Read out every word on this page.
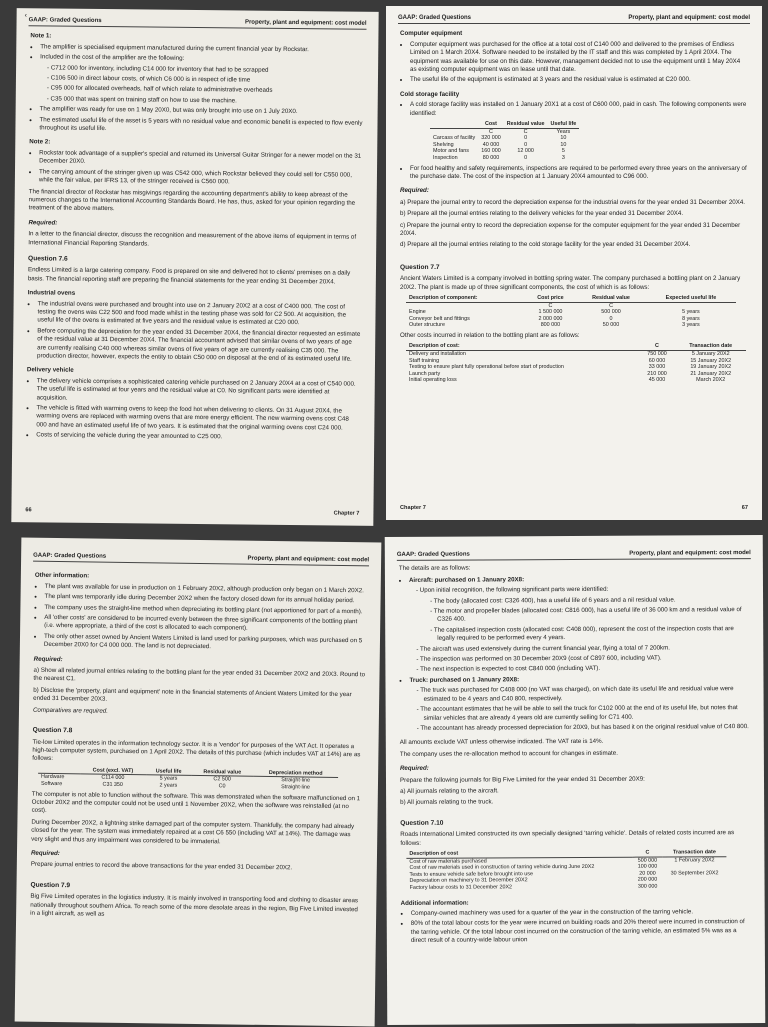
‹
GAAP: Graded Questions	Property, plant and equipment: cost model
Note 1:
• The amplifier is specialised equipment manufactured during the current financial year by Rockstar.
• Included in the cost of the amplifier are the following:
- C712 000 for inventory, including C14 000 for inventory that had to be scrapped
- C106 500 in direct labour costs, of which C6 000 is in respect of idle time
- C95 000 for allocated overheads, half of which relate to administrative overheads
- C35 000 that was spent on training staff on how to use the machine.
• The amplifier was ready for use on 1 May 20X0, but was only brought into use on 1 July 20X0.
• The estimated useful life of the asset is 5 years with no residual value and economic benefit is expected to flow evenly throughout its useful life.
Note 2:
• Rockstar took advantage of a supplier's special and returned its Universal Guitar Stringer for a newer model on the 31 December 20X0.
• The carrying amount of the stringer given up was C542 000, which Rockstar believed they could sell for C550 000, while the fair value, per IFRS 13, of the stringer received is C560 000.

The financial director of Rockstar has misgivings regarding the accounting department's ability to keep abreast of the numerous changes to the International Accounting Standards Board. He has, thus, asked for your opinion regarding the treatment of the above matters.

Required:

In a letter to the financial director, discuss the recognition and measurement of the above items of equipment in terms of International Financial Reporting Standards.

Question 7.6

Endless Limited is a large catering company. Food is prepared on site and delivered hot to clients' premises on a daily basis. The financial reporting staff are preparing the financial statements for the year ending 31 December 20X4.

Industrial ovens
• The industrial ovens were purchased and brought into use on 2 January 20X2 at a cost of C400 000. The cost of testing the ovens was C22 500 and food made whilst in the testing phase was sold for C2 500. At acquisition, the useful life of the ovens is estimated at five years and the residual value is estimated at C20 000.
• Before computing the depreciation for the year ended 31 December 20X4, the financial director requested an estimate of the residual value at 31 December 20X4. The financial accountant advised that similar ovens of two years of age are currently realising C40 000 whereas similar ovens of five years of age are currently realising C35 000. The production director, however, expects the entity to obtain C50 000 on disposal at the end of its estimated useful life.
Delivery vehicle
• The delivery vehicle comprises a sophisticated catering vehicle purchased on 2 January 20X4 at a cost of C540 000. The useful life is estimated at four years and the residual value at C0. No significant parts were identified at acquisition.
• The vehicle is fitted with warming ovens to keep the food hot when delivering to clients. On 31 August 20X4, the warming ovens are replaced with warming ovens that are more energy efficient. The new warming ovens cost C48 000 and have an estimated useful life of two years. It is estimated that the original warming ovens cost C24 000.
• Costs of servicing the vehicle during the year amounted to C25 000.
66
Chapter 7
GAAP: Graded Questions	Property, plant and equipment: cost model
Computer equipment
• Computer equipment was purchased for the office at a total cost of C140 000 and delivered to the premises of Endless Limited on 1 March 20X4. Software needed to be installed by the IT staff and this was completed by 1 April 20X4. The equipment was available for use on this date. However, management decided not to use the equipment until 1 May 20X4 as existing computer equipment was on lease until that date.
• The useful life of the equipment is estimated at 3 years and the residual value is estimated at C20 000.
Cold storage facility
• A cold storage facility was installed on 1 January 20X1 at a cost of C600 000, paid in cash. The following components were identified:
	Cost	Residual value	Useful life
	C	C	Years
Carcass of facility	320 000	0	10
Shelving	40 000	0	10
Motor and fans	160 000	12 000	5
Inspection	80 000	0	3
• For food healthy and safety requirements, inspections are required to be performed every three years on the anniversary of the purchase date. The cost of the inspection at 1 January 20X4 amounted to C96 000.
Required:

a) Prepare the journal entry to record the depreciation expense for the industrial ovens for the year ended 31 December 20X4.

b) Prepare all the journal entries relating to the delivery vehicles for the year ended 31 December 20X4.

c) Prepare the journal entry to record the depreciation expense for the computer equipment for the year ended 31 December 20X4.

d) Prepare all the journal entries relating to the cold storage facility for the year ended 31 December 20X4.

Question 7.7

Ancient Waters Limited is a company involved in bottling spring water. The company purchased a bottling plant on 2 January 20X2. The plant is made up of three significant components, the cost of which is as follows:

Description of component:	Cost price	Residual value	Expected useful life
	C	C	
Engine	1 500 000	500 000	5 years
Conveyor belt and fittings	2 000 000	0	8 years
Outer structure	800 000	50 000	3 years

Other costs incurred in relation to the bottling plant are as follows:

Description of cost:	C	Transaction date
Delivery and installation	750 000	5 January 20X2
Staff training	60 000	15 January 20X2
Testing to ensure plant fully operational before start of production	33 000	19 January 20X2
Launch party	210 000	21 January 20X2
Initial operating loss	45 000	March 20X2
Chapter 7	67
GAAP: Graded Questions	Property, plant and equipment: cost model
Other information:
• The plant was available for use in production on 1 February 20X2, although production only began on 1 March 20X2.
• The plant was temporarily idle during December 20X2 when the factory closed down for its annual holiday period.
• The company uses the straight-line method when depreciating its bottling plant (not apportioned for part of a month).
• All 'other costs' are considered to be incurred evenly between the three significant components of the bottling plant (i.e. where appropriate, a third of the cost is allocated to each component).
• The only other asset owned by Ancient Waters Limited is land used for parking purposes, which was purchased on 5 December 20X0 for C4 000 000. The land is not depreciated.
Required:

a) Show all related journal entries relating to the bottling plant for the year ended 31 December 20X2 and 20X3. Round to the nearest C1.

b) Disclose the 'property, plant and equipment' note in the financial statements of Ancient Waters Limited for the year ended 31 December 20X3.

Comparatives are required.

Question 7.8

Tie-low Limited operates in the information technology sector. It is a 'vendor' for purposes of the VAT Act. It operates a high-tech computer system, purchased on 1 April 20X2. The details of this purchase (which includes VAT at 14%) are as follows:

	Cost (excl. VAT)	Useful life	Residual value	Depreciation method
Hardware	C114 000	5 years	C2 500	Straight-line
Software	C31 350	2 years	C0	Straight-line

The computer is not able to function without the software. This was demonstrated when the software malfunctioned on 1 October 20X2 and the computer could not be used until 1 November 20X2, when the software was reinstalled (at no cost).

During December 20X2, a lightning strike damaged part of the computer system. Thankfully, the company had already closed for the year. The system was immediately repaired at a cost C6 550 (including VAT at 14%). The damage was very slight and thus any impairment was considered to be immaterial.

Required:

Prepare journal entries to record the above transactions for the year ended 31 December 20X2.

Question 7.9

Big Five Limited operates in the logistics industry. It is mainly involved in transporting food and clothing to disaster areas nationally throughout southern Africa. To reach some of the more desolate areas in the region, Big Five Limited invested in a light aircraft, as well as

GAAP: Graded Questions	Property, plant and equipment: cost model

The details are as follows:

• Aircraft: purchased on 1 January 20X8:
- Upon initial recognition, the following significant parts were identified:
- The body (allocated cost: C326 400), has a useful life of 6 years and a nil residual value.
- The motor and propeller blades (allocated cost: C816 000), has a useful life of 36 000 km and a residual value of C326 400.
- The capitalised inspection costs (allocated cost: C408 000), represent the cost of the inspection costs that are legally required to be performed every 4 years.
- The aircraft was used extensively during the current financial year, flying a total of 7 200km.
- The inspection was performed on 30 December 20X9 (cost of C897 600, including VAT).
- The next inspection is expected to cost C840 000 (including VAT).
• Truck: purchased on 1 January 20X8:
- The truck was purchased for C408 000 (no VAT was charged), on which date its useful life and residual value were estimated to be 4 years and C40 800, respectively.
- The accountant estimates that he will be able to sell the truck for C102 000 at the end of its useful life, but notes that similar vehicles that are already 4 years old are currently selling for C71 400.
- The accountant has already processed depreciation for 20X9, but has based it on the original residual value of C40 800.

All amounts exclude VAT unless otherwise indicated. The VAT rate is 14%.

The company uses the re-allocation method to account for changes in estimate.

Required:

Prepare the following journals for Big Five Limited for the year ended 31 December 20X9:

a) All journals relating to the aircraft.

b) All journals relating to the truck.

Question 7.10

Roads International Limited constructed its own specially designed 'tarring vehicle'. Details of related costs incurred are as follows:

Description of cost	C	Transaction date
Cost of raw materials purchased	500 000	1 February 20X2
Cost of raw materials used in construction of tarring vehicle during June 20X2	100 000	
Tests to ensure vehicle safe before brought into use	20 000	30 September 20X2
Depreciation on machinery to 31 December 20X2	200 000	
Factory labour costs to 31 December 20X2	300 000	
Additional information:
• Company-owned machinery was used for a quarter of the year in the construction of the tarring vehicle.
• 80% of the total labour costs for the year were incurred on building roads and 20% thereof were incurred in construction of the tarring vehicle. Of the total labour cost incurred on the construction of the tarring vehicle, an estimated 5% was as a direct result of a country-wide labour union
